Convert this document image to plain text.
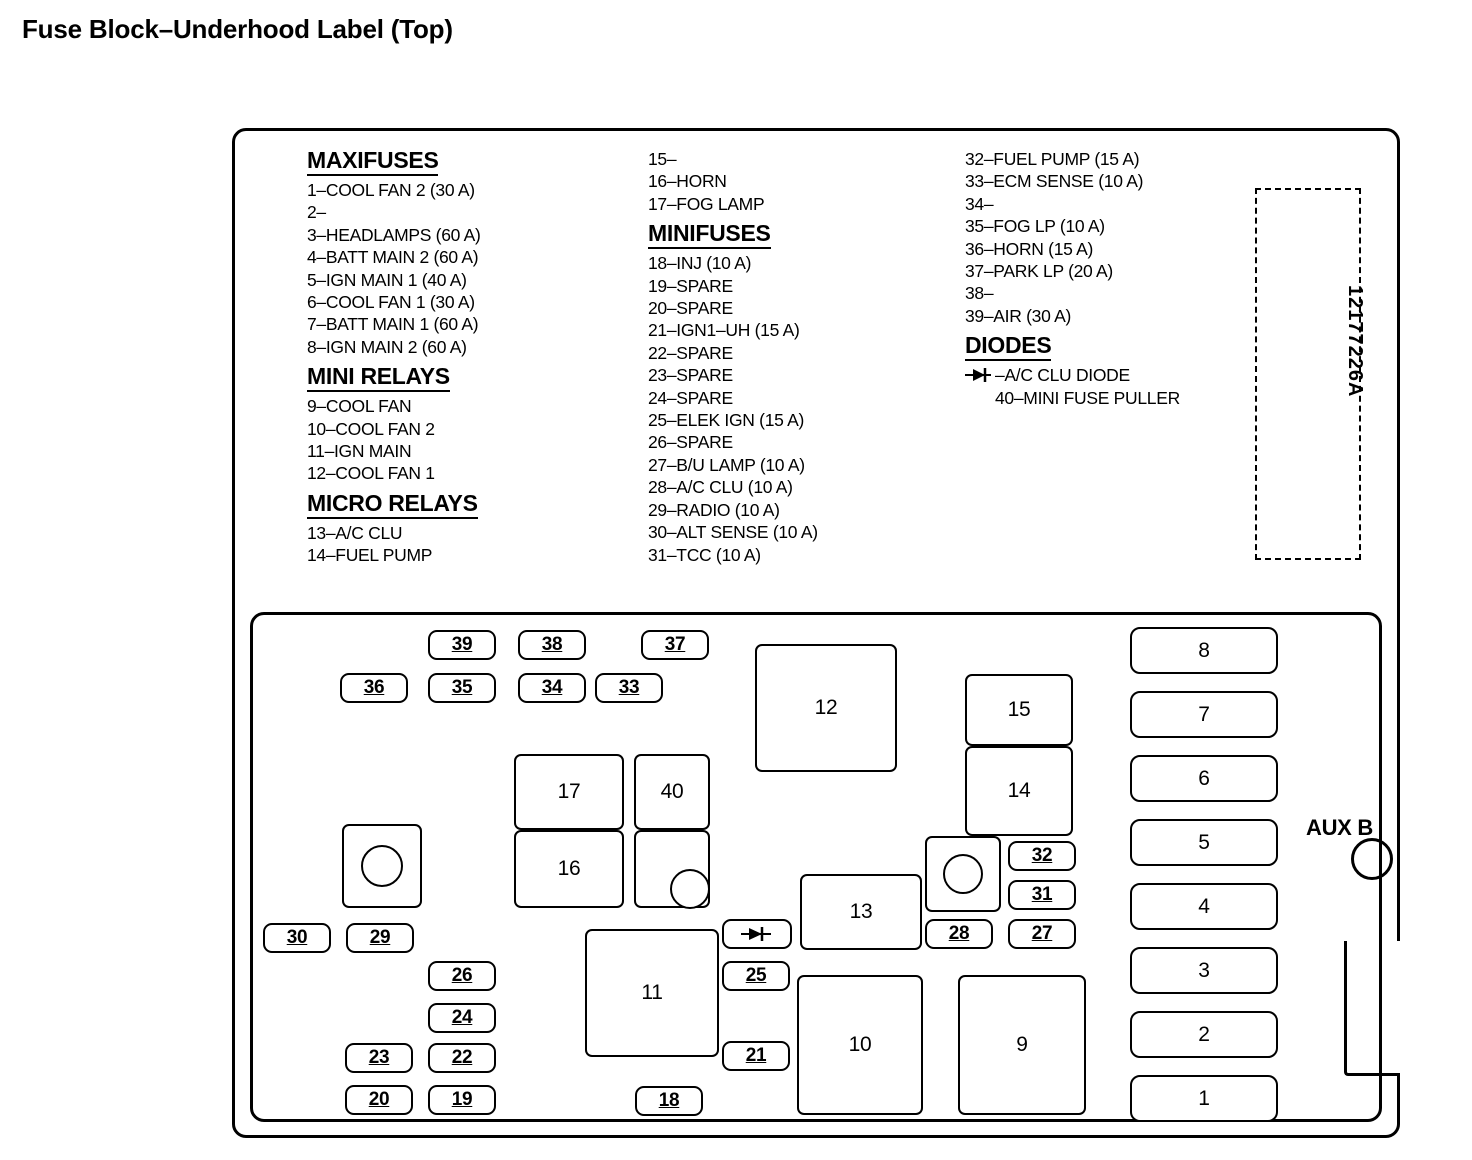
Fuse Block–Underhood Label (Top)
MAXIFUSES
1–COOL FAN 2 (30 A)
2–
3–HEADLAMPS (60 A)
4–BATT MAIN 2 (60 A)
5–IGN MAIN 1 (40 A)
6–COOL FAN 1 (30 A)
7–BATT MAIN 1 (60 A)
8–IGN MAIN 2 (60 A)
MINI RELAYS
9–COOL FAN
10–COOL FAN 2
11–IGN MAIN
12–COOL FAN 1
MICRO RELAYS
13–A/C CLU
14–FUEL PUMP
15–
16–HORN
17–FOG LAMP
MINIFUSES
18–INJ (10 A)
19–SPARE
20–SPARE
21–IGN1–UH (15 A)
22–SPARE
23–SPARE
24–SPARE
25–ELEK IGN (15 A)
26–SPARE
27–B/U LAMP (10 A)
28–A/C CLU (10 A)
29–RADIO (10 A)
30–ALT SENSE (10 A)
31–TCC (10 A)
32–FUEL PUMP (15 A)
33–ECM SENSE (10 A)
34–
35–FOG LP (10 A)
36–HORN (15 A)
37–PARK LP (20 A)
38–
39–AIR (30 A)
DIODES
–A/C CLU DIODE
40–MINI FUSE PULLER
12177226A
39	38	37
36	35	34	33
12	15
14
8
7
6
5
4
3
2
1
AUX B
17
16
40
30	29
26
24
23	22
20	19
11
18
25
21
13
32
31
28	27
10	9
